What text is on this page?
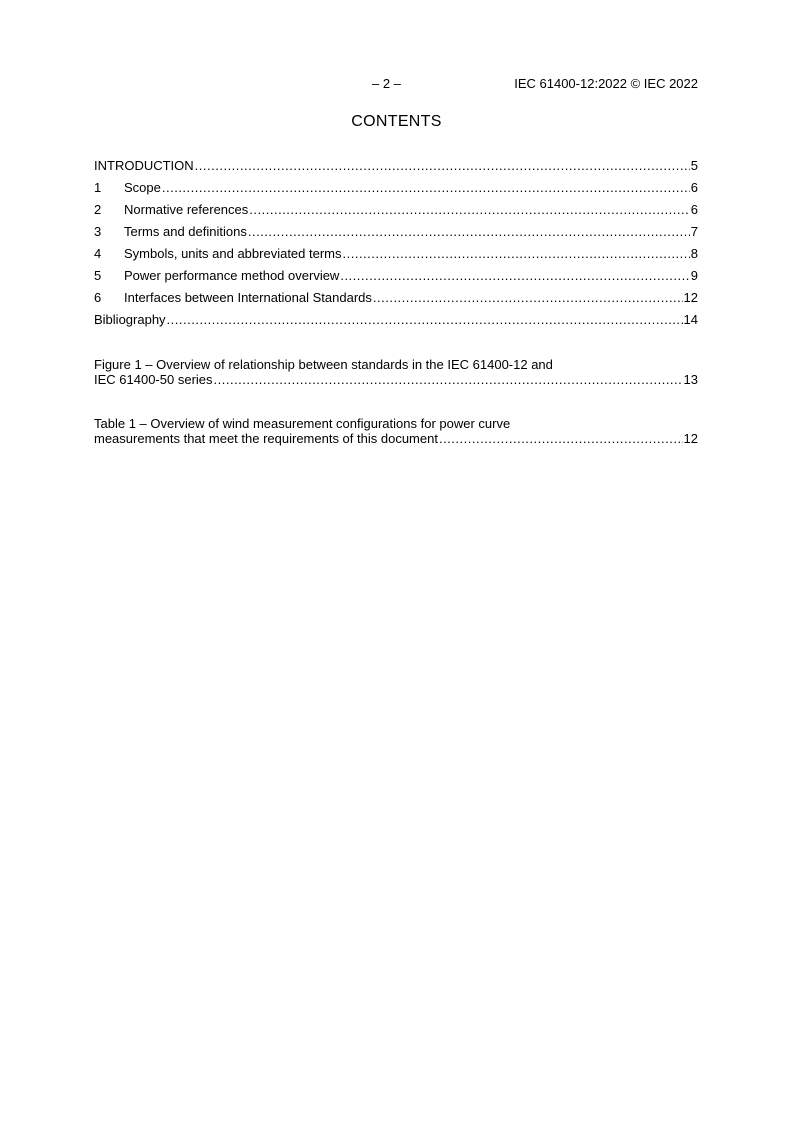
– 2 –	IEC 61400-12:2022 © IEC 2022
CONTENTS
INTRODUCTION .....	5
1	Scope .....	6
2	Normative references .....	6
3	Terms and definitions .....	7
4	Symbols, units and abbreviated terms .....	8
5	Power performance method overview .....	9
6	Interfaces between International Standards .....	12
Bibliography .....	14
Figure 1 – Overview of relationship between standards in the IEC 61400-12 and
IEC 61400-50 series .....	13
Table 1 – Overview of wind measurement configurations for power curve
measurements that meet the requirements of this document .....	12
